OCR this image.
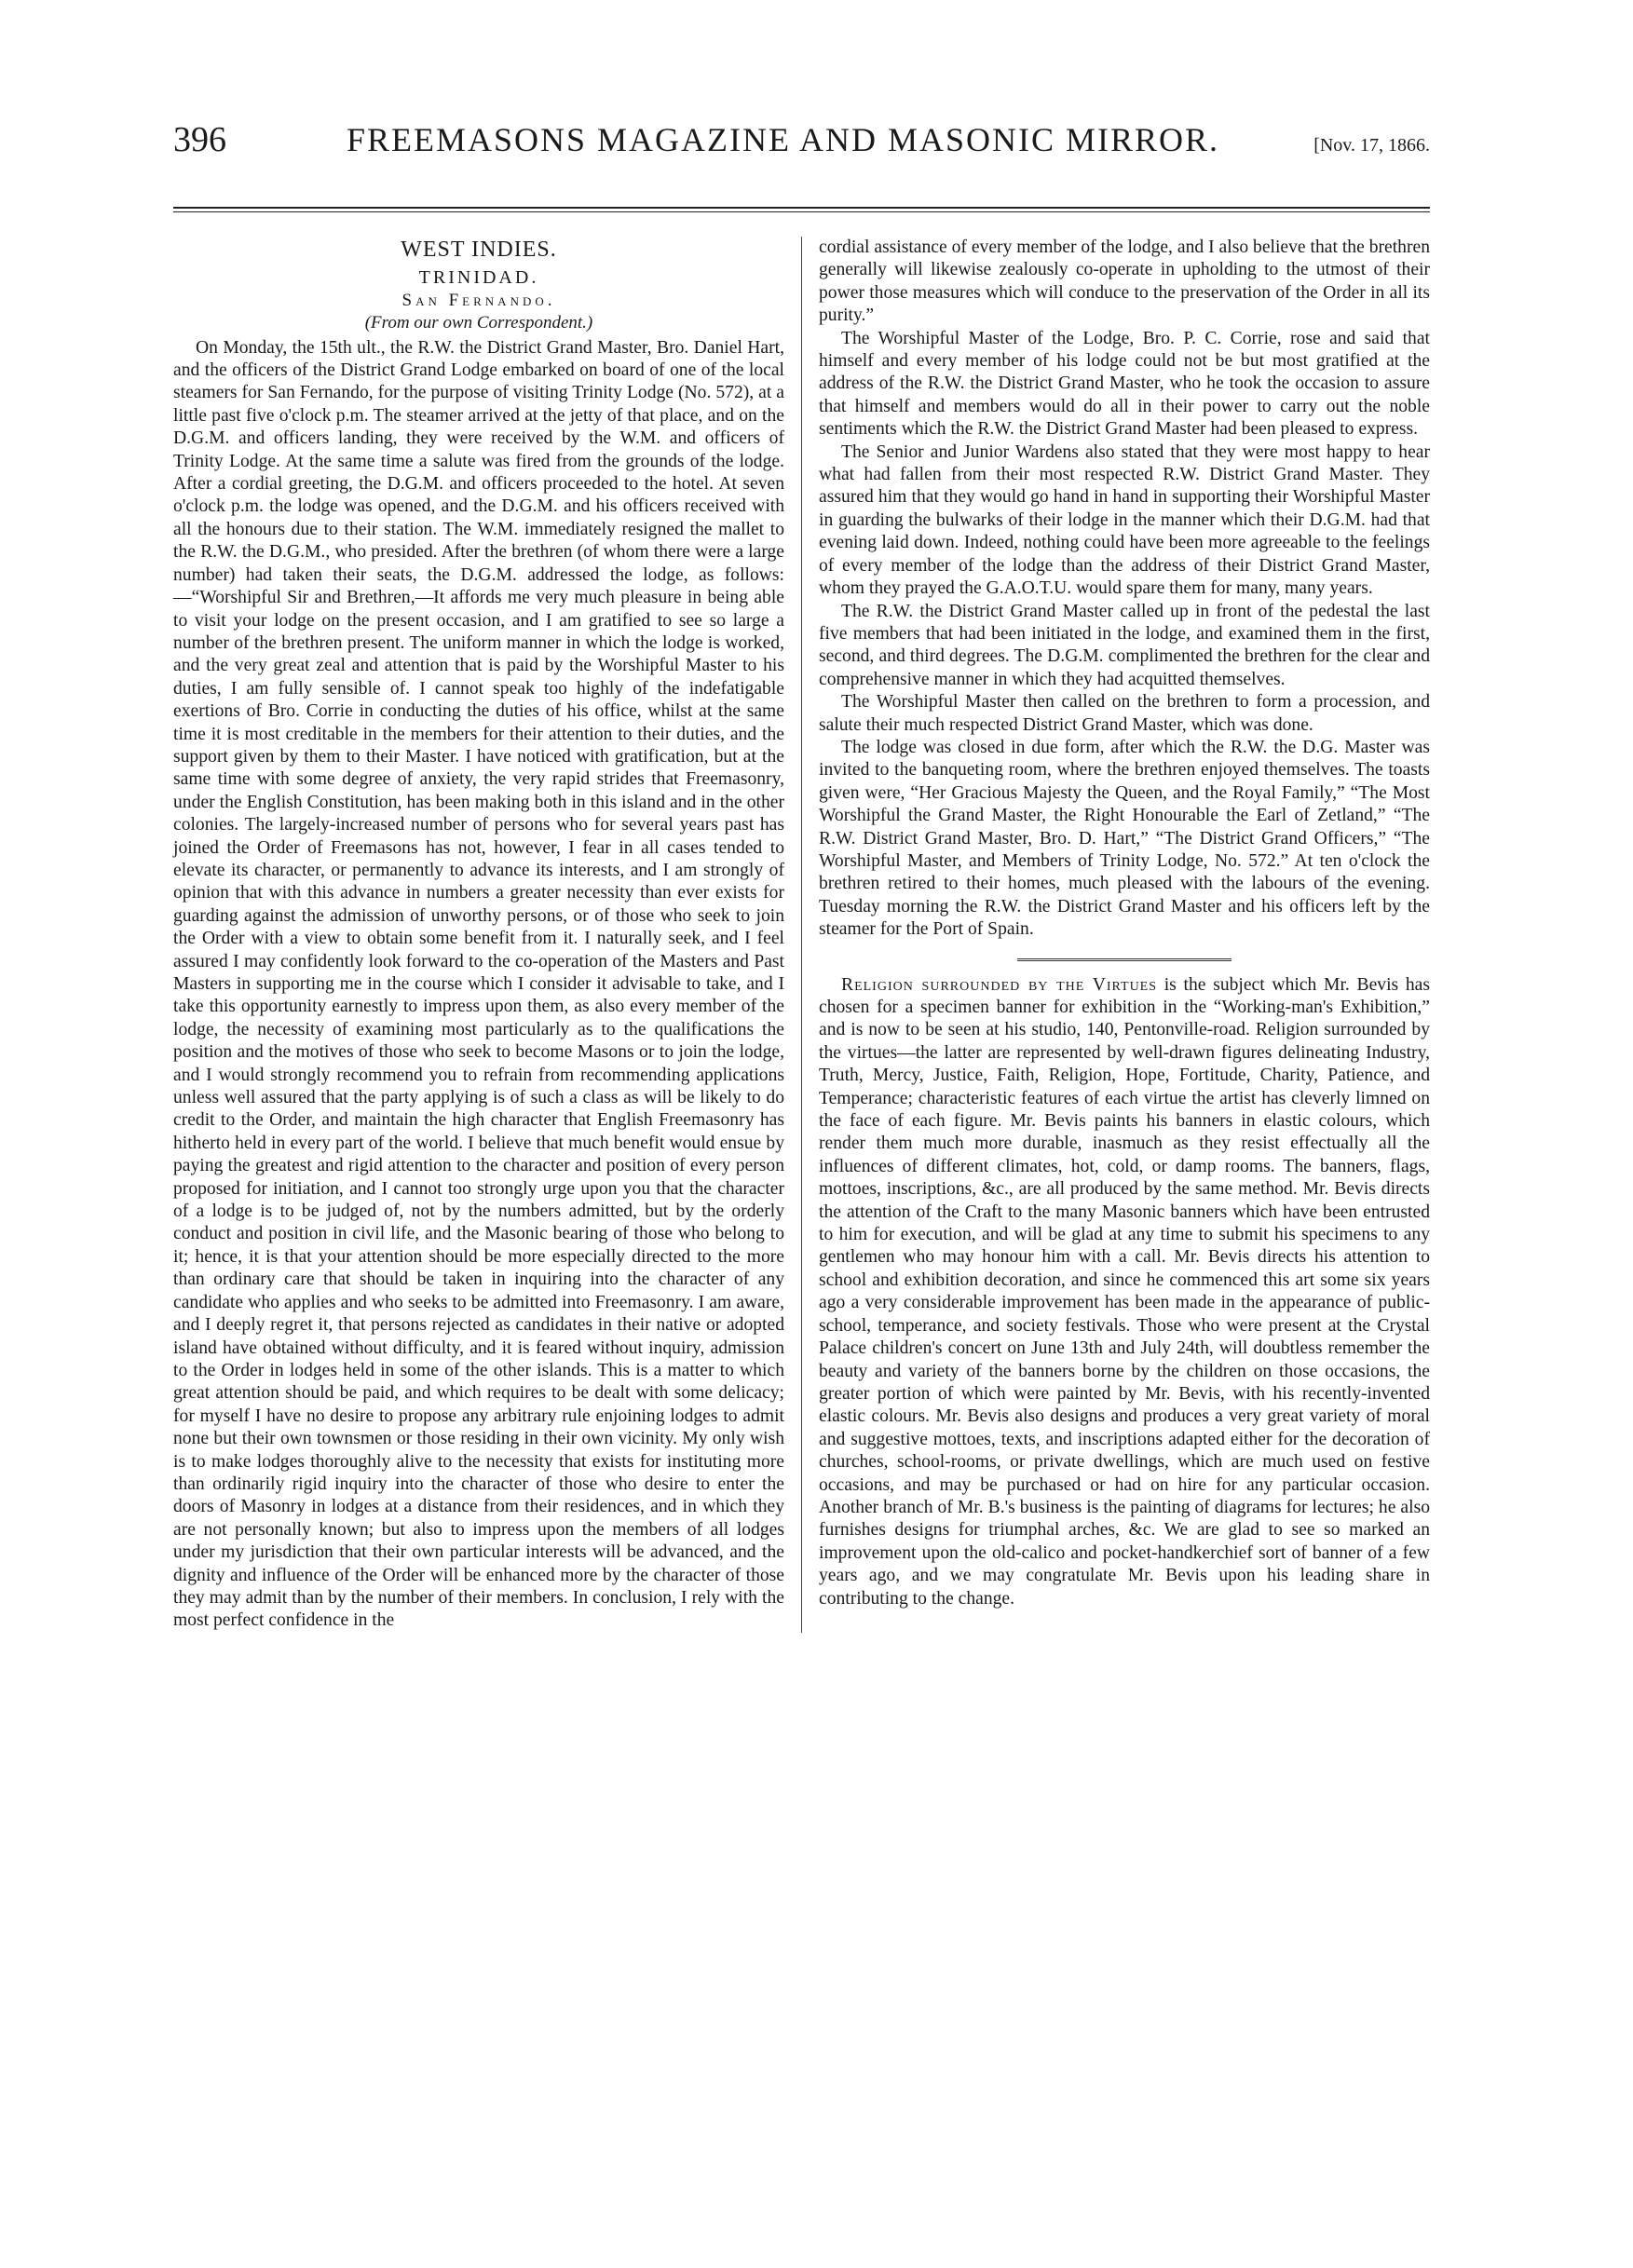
396	FREEMASONS MAGAZINE AND MASONIC MIRROR.	[Nov. 17, 1866.
WEST INDIES.
TRINIDAD.
San Fernando.
(From our own Correspondent.)

On Monday, the 15th ult., the R.W. the District Grand Master, Bro. Daniel Hart, and the officers of the District Grand Lodge embarked on board of one of the local steamers for San Fernando, for the purpose of visiting Trinity Lodge (No. 572), at a little past five o'clock p.m. The steamer arrived at the jetty of that place, and on the D.G.M. and officers landing, they were received by the W.M. and officers of Trinity Lodge. At the same time a salute was fired from the grounds of the lodge. After a cordial greeting, the D.G.M. and officers proceeded to the hotel. At seven o'clock p.m. the lodge was opened, and the D.G.M. and his officers received with all the honours due to their station. The W.M. immediately resigned the mallet to the R.W. the D.G.M., who presided. After the brethren (of whom there were a large number) had taken their seats, the D.G.M. addressed the lodge, as follows:—“Worshipful Sir and Brethren,—It affords me very much pleasure in being able to visit your lodge on the present occasion, and I am gratified to see so large a number of the brethren present. The uniform manner in which the lodge is worked, and the very great zeal and attention that is paid by the Worshipful Master to his duties, I am fully sensible of. I cannot speak too highly of the indefatigable exertions of Bro. Corrie in conducting the duties of his office, whilst at the same time it is most creditable in the members for their attention to their duties, and the support given by them to their Master. I have noticed with gratification, but at the same time with some degree of anxiety, the very rapid strides that Freemasonry, under the English Constitution, has been making both in this island and in the other colonies. The largely-increased number of persons who for several years past has joined the Order of Freemasons has not, however, I fear in all cases tended to elevate its character, or permanently to advance its interests, and I am strongly of opinion that with this advance in numbers a greater necessity than ever exists for guarding against the admission of unworthy persons, or of those who seek to join the Order with a view to obtain some benefit from it. I naturally seek, and I feel assured I may confidently look forward to the co-operation of the Masters and Past Masters in supporting me in the course which I consider it advisable to take, and I take this opportunity earnestly to impress upon them, as also every member of the lodge, the necessity of examining most particularly as to the qualifications the position and the motives of those who seek to become Masons or to join the lodge, and I would strongly recommend you to refrain from recommending applications unless well assured that the party applying is of such a class as will be likely to do credit to the Order, and maintain the high character that English Freemasonry has hitherto held in every part of the world. I believe that much benefit would ensue by paying the greatest and rigid attention to the character and position of every person proposed for initiation, and I cannot too strongly urge upon you that the character of a lodge is to be judged of, not by the numbers admitted, but by the orderly conduct and position in civil life, and the Masonic bearing of those who belong to it; hence, it is that your attention should be more especially directed to the more than ordinary care that should be taken in inquiring into the character of any candidate who applies and who seeks to be admitted into Freemasonry. I am aware, and I deeply regret it, that persons rejected as candidates in their native or adopted island have obtained without difficulty, and it is feared without inquiry, admission to the Order in lodges held in some of the other islands. This is a matter to which great attention should be paid, and which requires to be dealt with some delicacy; for myself I have no desire to propose any arbitrary rule enjoining lodges to admit none but their own townsmen or those residing in their own vicinity. My only wish is to make lodges thoroughly alive to the necessity that exists for instituting more than ordinarily rigid inquiry into the character of those who desire to enter the doors of Masonry in lodges at a distance from their residences, and in which they are not personally known; but also to impress upon the members of all lodges under my jurisdiction that their own particular interests will be advanced, and the dignity and influence of the Order will be enhanced more by the character of those they may admit than by the number of their members. In conclusion, I rely with the most perfect confidence in the

cordial assistance of every member of the lodge, and I also believe that the brethren generally will likewise zealously co-operate in upholding to the utmost of their power those measures which will conduce to the preservation of the Order in all its purity.”

The Worshipful Master of the Lodge, Bro. P. C. Corrie, rose and said that himself and every member of his lodge could not be but most gratified at the address of the R.W. the District Grand Master, who he took the occasion to assure that himself and members would do all in their power to carry out the noble sentiments which the R.W. the District Grand Master had been pleased to express.

The Senior and Junior Wardens also stated that they were most happy to hear what had fallen from their most respected R.W. District Grand Master. They assured him that they would go hand in hand in supporting their Worshipful Master in guarding the bulwarks of their lodge in the manner which their D.G.M. had that evening laid down. Indeed, nothing could have been more agreeable to the feelings of every member of the lodge than the address of their District Grand Master, whom they prayed the G.A.O.T.U. would spare them for many, many years.

The R.W. the District Grand Master called up in front of the pedestal the last five members that had been initiated in the lodge, and examined them in the first, second, and third degrees. The D.G.M. complimented the brethren for the clear and comprehensive manner in which they had acquitted themselves.

The Worshipful Master then called on the brethren to form a procession, and salute their much respected District Grand Master, which was done.

The lodge was closed in due form, after which the R.W. the D.G. Master was invited to the banqueting room, where the brethren enjoyed themselves. The toasts given were, “Her Gracious Majesty the Queen, and the Royal Family,” “The Most Worshipful the Grand Master, the Right Honourable the Earl of Zetland,” “The R.W. District Grand Master, Bro. D. Hart,” “The District Grand Officers,” “The Worshipful Master, and Members of Trinity Lodge, No. 572.” At ten o'clock the brethren retired to their homes, much pleased with the labours of the evening. Tuesday morning the R.W. the District Grand Master and his officers left by the steamer for the Port of Spain.

Religion surrounded by the Virtues is the subject which Mr. Bevis has chosen for a specimen banner for exhibition in the “Working-man's Exhibition,” and is now to be seen at his studio, 140, Pentonville-road. Religion surrounded by the virtues—the latter are represented by well-drawn figures delineating Industry, Truth, Mercy, Justice, Faith, Religion, Hope, Fortitude, Charity, Patience, and Temperance; characteristic features of each virtue the artist has cleverly limned on the face of each figure. Mr. Bevis paints his banners in elastic colours, which render them much more durable, inasmuch as they resist effectually all the influences of different climates, hot, cold, or damp rooms. The banners, flags, mottoes, inscriptions, &c., are all produced by the same method. Mr. Bevis directs the attention of the Craft to the many Masonic banners which have been entrusted to him for execution, and will be glad at any time to submit his specimens to any gentlemen who may honour him with a call. Mr. Bevis directs his attention to school and exhibition decoration, and since he commenced this art some six years ago a very considerable improvement has been made in the appearance of public-school, temperance, and society festivals. Those who were present at the Crystal Palace children's concert on June 13th and July 24th, will doubtless remember the beauty and variety of the banners borne by the children on those occasions, the greater portion of which were painted by Mr. Bevis, with his recently-invented elastic colours. Mr. Bevis also designs and produces a very great variety of moral and suggestive mottoes, texts, and inscriptions adapted either for the decoration of churches, school-rooms, or private dwellings, which are much used on festive occasions, and may be purchased or had on hire for any particular occasion. Another branch of Mr. B.'s business is the painting of diagrams for lectures; he also furnishes designs for triumphal arches, &c. We are glad to see so marked an improvement upon the old-calico and pocket-handkerchief sort of banner of a few years ago, and we may congratulate Mr. Bevis upon his leading share in contributing to the change.
